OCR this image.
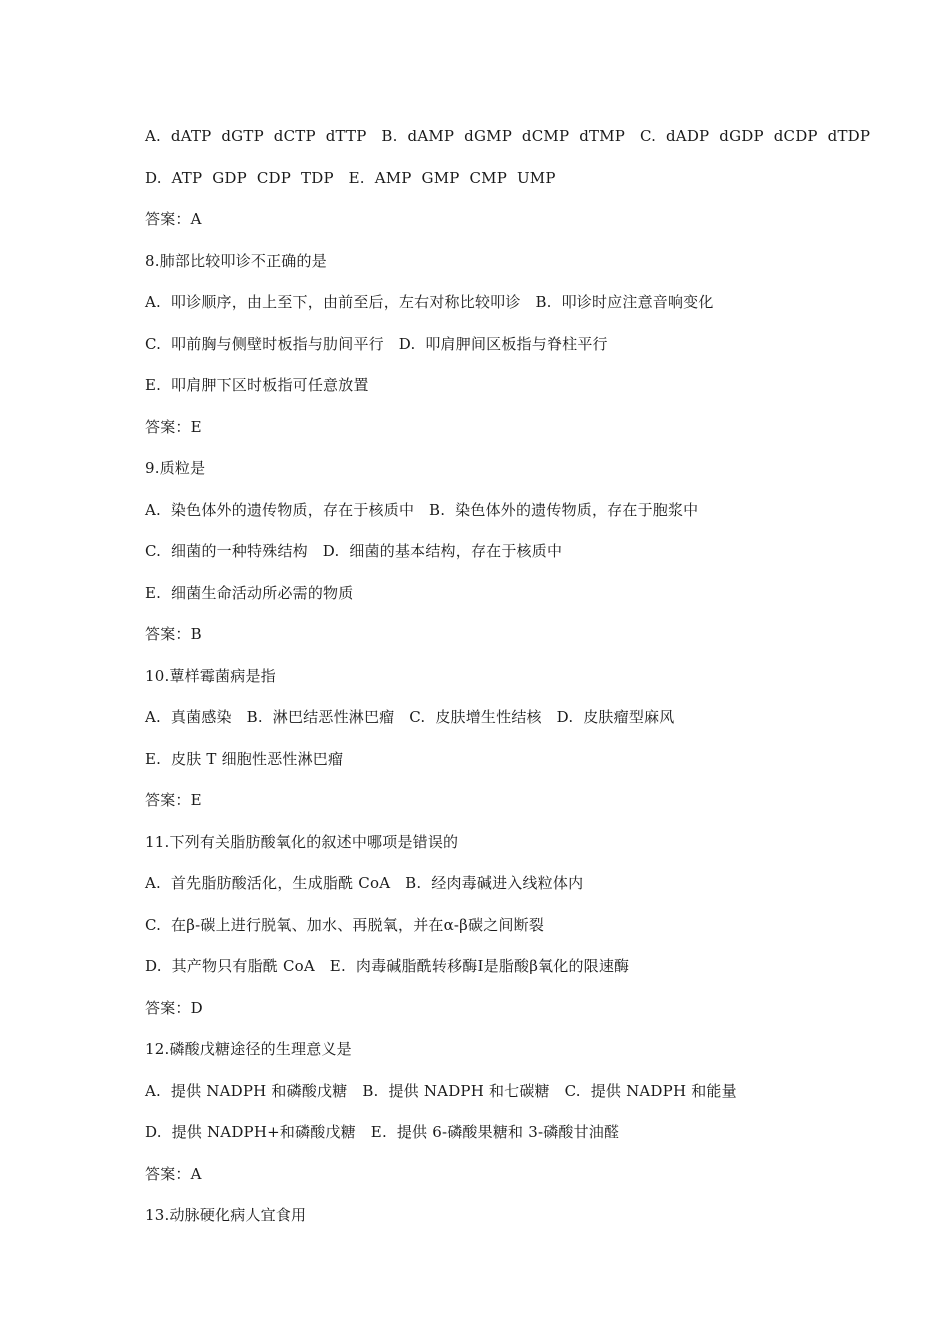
A.  dATP  dGTP  dCTP  dTTP   B.  dAMP  dGMP  dCMP  dTMP   C.  dADP  dGDP  dCDP  dTDP
D.  ATP  GDP  CDP  TDP   E.  AMP  GMP  CMP  UMP
答案：A
8.肺部比较叩诊不正确的是
A.  叩诊顺序，由上至下，由前至后，左右对称比较叩诊   B.  叩诊时应注意音响变化
C.  叩前胸与侧壁时板指与肋间平行   D.  叩肩胛间区板指与脊柱平行
E.  叩肩胛下区时板指可任意放置
答案：E
9.质粒是
A.  染色体外的遗传物质，存在于核质中   B.  染色体外的遗传物质，存在于胞浆中
C.  细菌的一种特殊结构   D.  细菌的基本结构，存在于核质中
E.  细菌生命活动所必需的物质
答案：B
10.蕈样霉菌病是指
A.  真菌感染   B.  淋巴结恶性淋巴瘤   C.  皮肤增生性结核   D.  皮肤瘤型麻风
E.  皮肤 T 细胞性恶性淋巴瘤
答案：E
11.下列有关脂肪酸氧化的叙述中哪项是错误的
A.  首先脂肪酸活化，生成脂酰 CoA   B.  经肉毒碱进入线粒体内
C.  在β-碳上进行脱氧、加水、再脱氧，并在α-β碳之间断裂
D.  其产物只有脂酰 CoA   E.  肉毒碱脂酰转移酶Ⅰ是脂酸β氧化的限速酶
答案：D
12.磷酸戊糖途径的生理意义是
A.  提供 NADPH 和磷酸戊糖   B.  提供 NADPH 和七碳糖   C.  提供 NADPH 和能量
D.  提供 NADPH+和磷酸戊糖   E.  提供 6-磷酸果糖和 3-磷酸甘油醛
答案：A
13.动脉硬化病人宜食用
